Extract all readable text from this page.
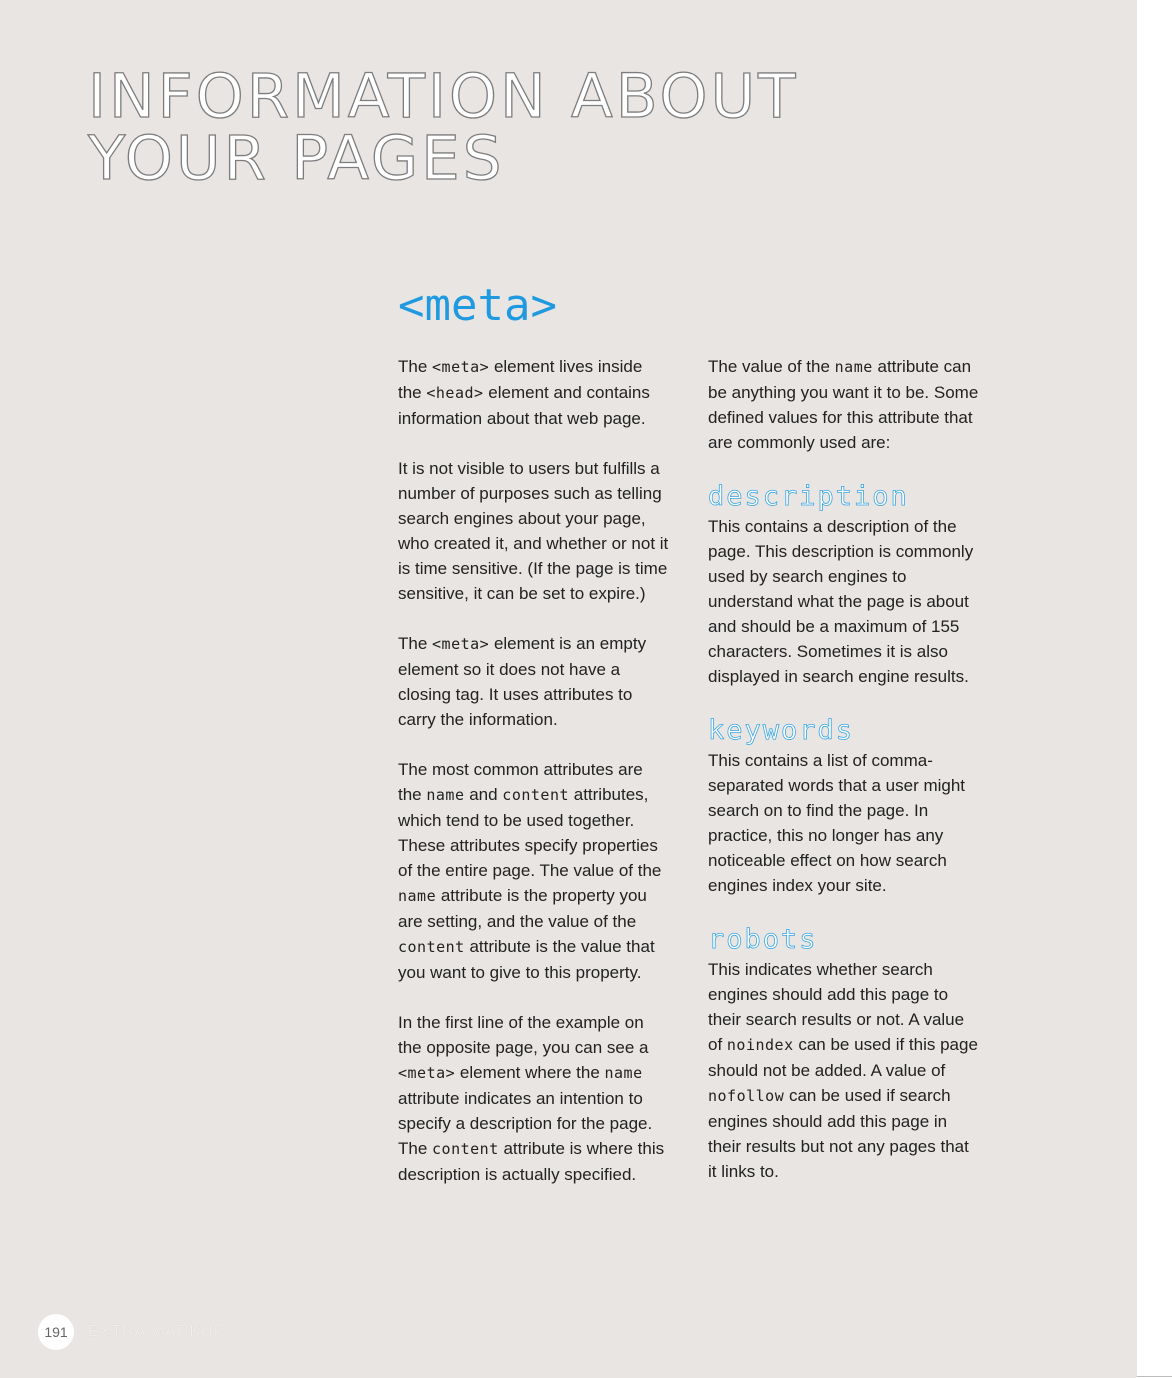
INFORMATION ABOUT
YOUR PAGES
<meta>

The <meta> element lives inside the <head> element and contains information about that web page.

It is not visible to users but fulfills a number of purposes such as telling search engines about your page, who created it, and whether or not it is time sensitive. (If the page is time sensitive, it can be set to expire.)

The <meta> element is an empty element so it does not have a closing tag. It uses attributes to carry the information.

The most common attributes are the name and content attributes, which tend to be used together. These attributes specify properties of the entire page. The value of the name attribute is the property you are setting, and the value of the content attribute is the value that you want to give to this property.

In the first line of the example on the opposite page, you can see a <meta> element where the name attribute indicates an intention to specify a description for the page. The content attribute is where this description is actually specified.

The value of the name attribute can be anything you want it to be. Some defined values for this attribute that are commonly used are:

description

This contains a description of the page. This description is commonly used by search engines to understand what the page is about and should be a maximum of 155 characters. Sometimes it is also displayed in search engine results.

keywords

This contains a list of comma-separated words that a user might search on to find the page. In practice, this no longer has any noticeable effect on how search engines index your site.

robots

This indicates whether search engines should add this page to their search results or not. A value of noindex can be used if this page should not be added. A value of nofollow can be used if search engines should add this page in their results but not any pages that it links to.

191	EXTRA MARKUP
